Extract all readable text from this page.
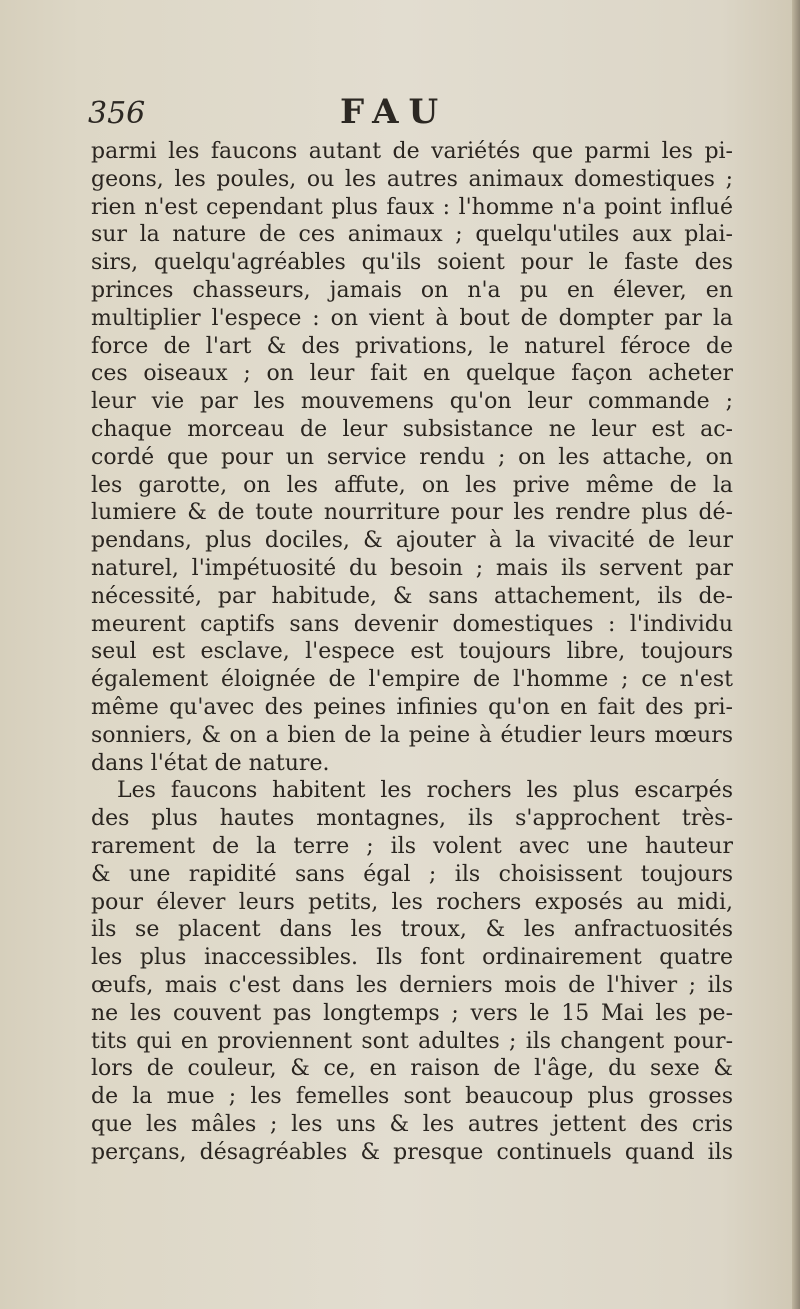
356	FAU
parmi les faucons autant de variétés que parmi les pi-
geons, les poules, ou les autres animaux domestiques ;
rien n'est cependant plus faux : l'homme n'a point influé
sur la nature de ces animaux ; quelqu'utiles aux plai-
sirs, quelqu'agréables qu'ils soient pour le faste des
princes chasseurs, jamais on n'a pu en élever, en
multiplier l'espece : on vient à bout de dompter par la
force de l'art & des privations, le naturel féroce de
ces oiseaux ; on leur fait en quelque façon acheter
leur vie par les mouvemens qu'on leur commande ;
chaque morceau de leur subsistance ne leur est ac-
cordé que pour un service rendu ; on les attache, on
les garotte, on les affute, on les prive même de la
lumiere & de toute nourriture pour les rendre plus dé-
pendans, plus dociles, & ajouter à la vivacité de leur
naturel, l'impétuosité du besoin ; mais ils servent par
nécessité, par habitude, & sans attachement, ils de-
meurent captifs sans devenir domestiques : l'individu
seul est esclave, l'espece est toujours libre, toujours
également éloignée de l'empire de l'homme ; ce n'est
même qu'avec des peines infinies qu'on en fait des pri-
sonniers, & on a bien de la peine à étudier leurs mœurs
dans l'état de nature.
Les faucons habitent les rochers les plus escarpés
des plus hautes montagnes, ils s'approchent très-
rarement de la terre ; ils volent avec une hauteur
& une rapidité sans égal ; ils choisissent toujours
pour élever leurs petits, les rochers exposés au midi,
ils se placent dans les troux, & les anfractuosités
les plus inaccessibles. Ils font ordinairement quatre
œufs, mais c'est dans les derniers mois de l'hiver ; ils
ne les couvent pas longtemps ; vers le 15 Mai les pe-
tits qui en proviennent sont adultes ; ils changent pour-
lors de couleur, & ce, en raison de l'âge, du sexe &
de la mue ; les femelles sont beaucoup plus grosses
que les mâles ; les uns & les autres jettent des cris
perçans, désagréables & presque continuels quand ils
